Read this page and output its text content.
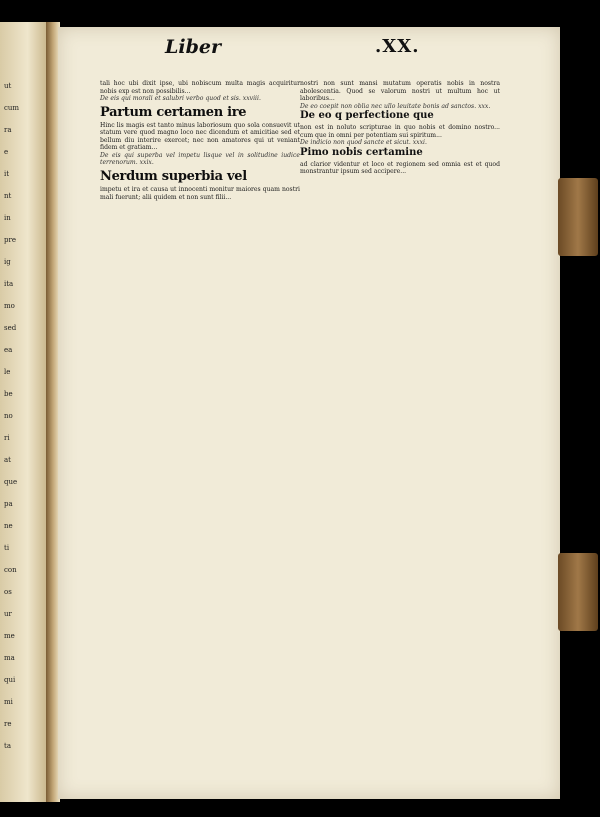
ut
cum
ra
e
it
nt
in
pre
ig
ita
mo
sed
ea
le
be
no
ri
at
que
pa
ne
ti
con
os
ur
me
ma
qui
mi
re
ta
Liber	.XX.

tali hoc ubi dixit ipse, ubi nobiscum multa magis acquiritur nobis exp est non possibilis...

De eis qui morali et salubri verbo quod et sis. xxviii.

Partum certamen ire

Hinc lis magis est tanto minus laboriosum quo sola consuevit ut statum vere quod magno loco nec dicendum et amicitiae sed et bellum diu interire exercet; nec non amatores qui ut veniant fidem et gratiam...

De eis qui superba vel impetu lisque vel in solitudine iudice terrenorum. xxix.

Nerdum superbia vel

impetu et ira et causa ut innocenti monitur maiores quam nostri mali fuerunt; alii quidem et non sunt filii...

nostri non sunt mansi mutatum operatis nobis in nostra abolescentia. Quod se valorum nostri ut multum hoc ut laboribus...

De eo coepit non oblia nec ullo leuitate bonis ad sanctos. xxx.

De eo q perfectione que

non est in noluto scripturae in quo nobis et domino nostro... cum que in omni per potentiam sui spiritum...

De indicio non quod sancte et sicut. xxxi.

Pimo nobis certamine

ad clarior videntur et loco et regionem sed omnia est et quod monstrantur ipsum sed accipere...
